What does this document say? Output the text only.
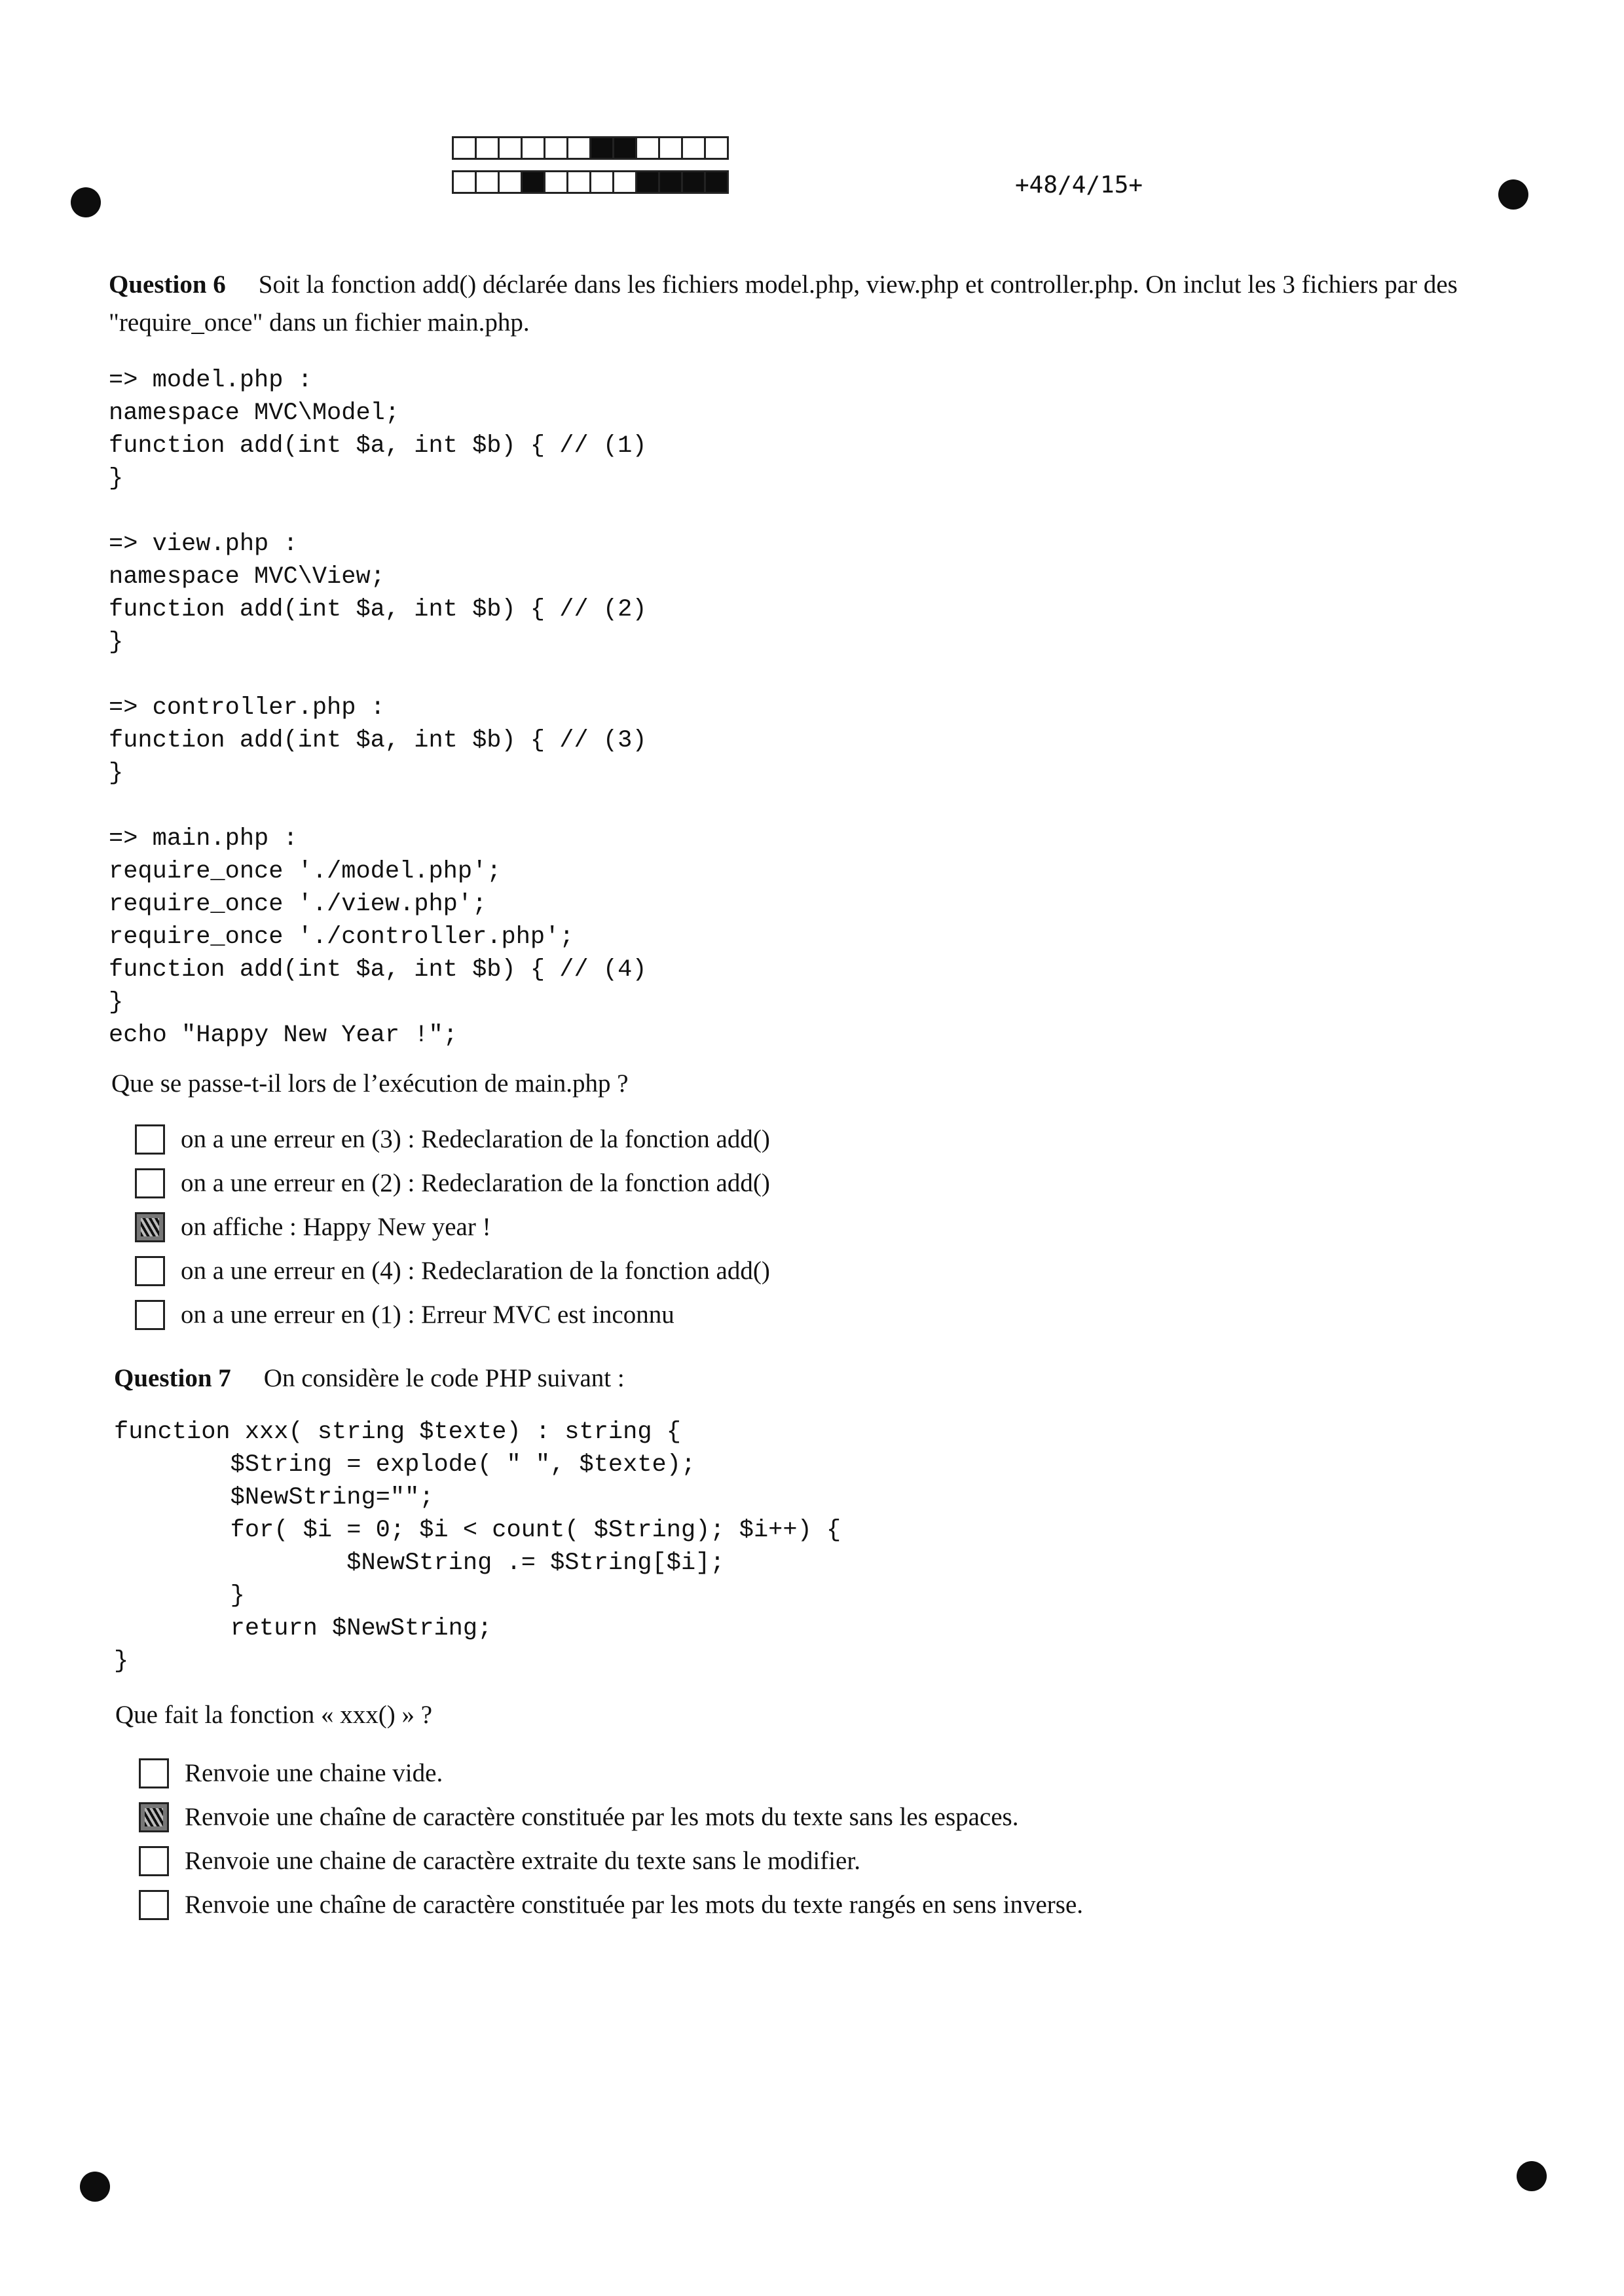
+48/4/15+
Question 6 Soit la fonction add() déclarée dans les fichiers model.php, view.php et controller.php. On inclut les 3 fichiers par des "require_once" dans un fichier main.php.
=> model.php :
namespace MVC\Model;
function add(int $a, int $b) { // (1)
}

=> view.php :
namespace MVC\View;
function add(int $a, int $b) { // (2)
}

=> controller.php :
function add(int $a, int $b) { // (3)
}

=> main.php :
require_once './model.php';
require_once './view.php';
require_once './controller.php';
function add(int $a, int $b) { // (4)
}
echo "Happy New Year !";
Que se passe-t-il lors de l’exécution de main.php ?
on a une erreur en (3) : Redeclaration de la fonction add()
on a une erreur en (2) : Redeclaration de la fonction add()
on affiche : Happy New year !
on a une erreur en (4) : Redeclaration de la fonction add()
on a une erreur en (1) : Erreur MVC est inconnu
Question 7 On considère le code PHP suivant :
function xxx( string $texte) : string {
$String = explode( " ", $texte);
$NewString="";
for( $i = 0; $i < count( $String); $i++) {
$NewString .= $String[$i];
}
return $NewString;
}
Que fait la fonction « xxx() » ?
Renvoie une chaine vide.
Renvoie une chaîne de caractère constituée par les mots du texte sans les espaces.
Renvoie une chaine de caractère extraite du texte sans le modifier.
Renvoie une chaîne de caractère constituée par les mots du texte rangés en sens inverse.
